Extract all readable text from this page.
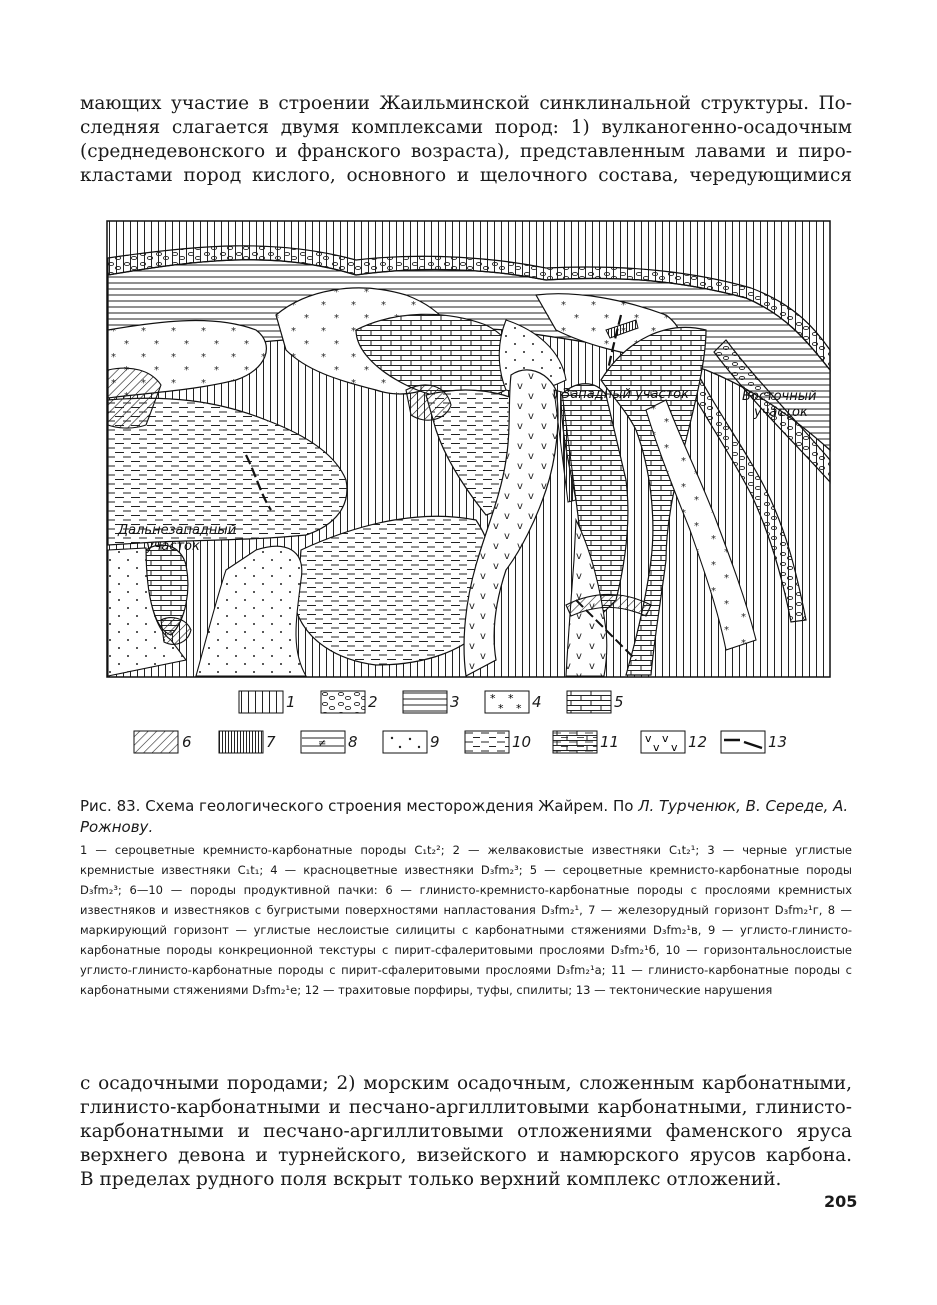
мающих участие в строении Жаильминской синклинальной структуры. По-
следняя слагается двумя комплексами пород: 1) вулканогенно-осадочным
(среднедевонского и франского возраста), представленным лавами и пиро-
кластами пород кислого, основного и щелочного состава, чередующимися
Западный участок	Восточный
участок
Дальнезападный
участок
1	2	3	* *
* * 4	5
6	7	≠ 8	9	10	11 v v
v v 12	13

Рис. 83. Схема геологического строения месторождения Жайрем. По Л. Турченюк, В. Середе, А. Рожнову.

1 — сероцветные кремнисто-карбонатные породы C₁t₂²; 2 — желваковистые известняки C₁t₂¹; 3 — черные углистые кремнистые известняки C₁t₁; 4 — красноцветные известняки D₃fm₂³; 5 — сероцветные кремнисто-карбонатные породы D₃fm₂³; 6—10 — породы продуктивной пачки: 6 — глинисто-кремнисто-карбонатные породы с прослоями кремнистых известняков и известняков с бугристыми поверхностями напластования D₃fm₂¹, 7 — железорудный горизонт D₃fm₂¹г, 8 —маркирующий горизонт — углистые неслоистые силициты с карбонатными стяжениями D₃fm₂¹в, 9 — углисто-глинисто-карбонатные породы конкреционной текстуры с пирит-сфалеритовыми прослоями D₃fm₂¹б, 10 — горизонтальнослоистые углисто-глинисто-карбонатные породы с пирит-сфалеритовыми прослоями D₃fm₂¹а; 11 — глинисто-карбонатные породы с карбонатными стяжениями D₃fm₂¹е; 12 — трахитовые порфиры, туфы, спилиты; 13 — тектонические нарушения

с осадочными породами; 2) морским осадочным, сложенным карбонатными,
глинисто-карбонатными и песчано-аргиллитовыми карбонатными, глинисто-
карбонатными и песчано-аргиллитовыми отложениями фаменского яруса
верхнего девона и турнейского, визейского и намюрского ярусов карбона.
В пределах рудного поля вскрыт только верхний комплекс отложений.
205
